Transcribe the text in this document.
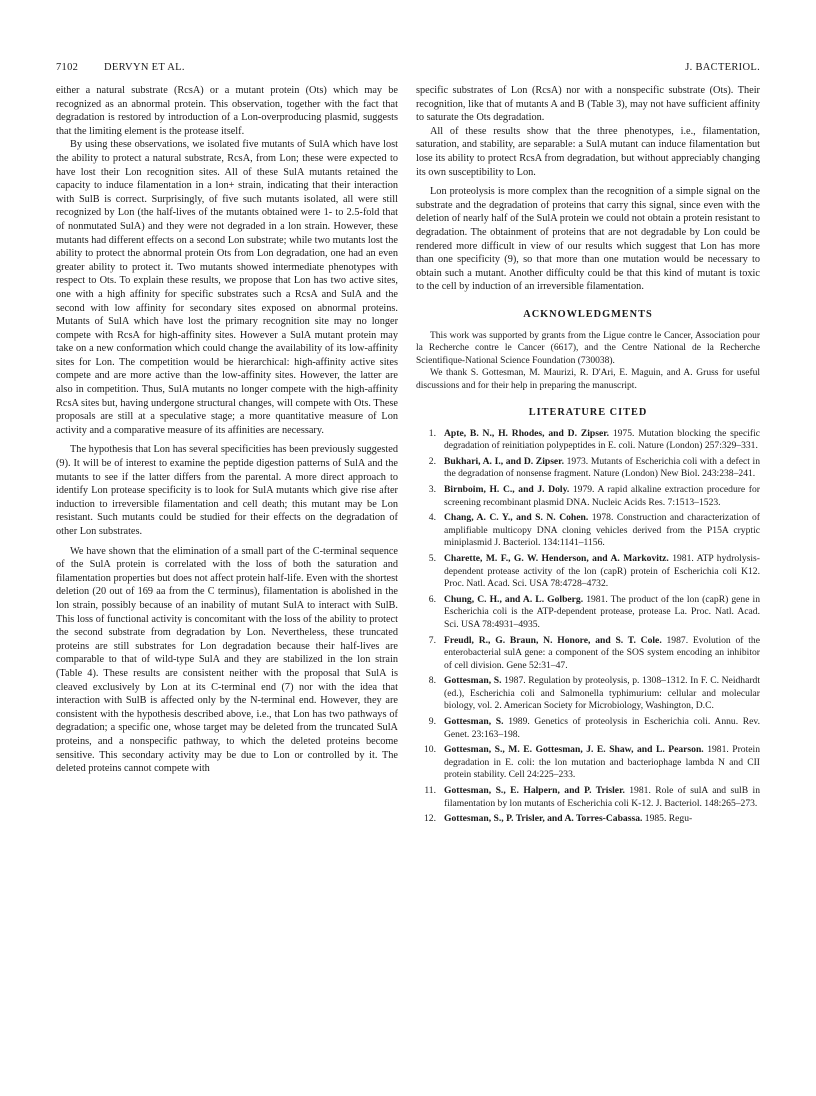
7102 DERVYN ET AL.	J. BACTERIOL.

either a natural substrate (RcsA) or a mutant protein (Ots) which may be recognized as an abnormal protein. This observation, together with the fact that degradation is restored by introduction of a Lon-overproducing plasmid, suggests that the limiting element is the protease itself.

By using these observations, we isolated five mutants of SulA which have lost the ability to protect a natural substrate, RcsA, from Lon; these were expected to have lost their Lon recognition sites. All of these SulA mutants retained the capacity to induce filamentation in a lon+ strain, indicating that their interaction with SulB is correct. Surprisingly, of five such mutants isolated, all were still recognized by Lon (the half-lives of the mutants obtained were 1- to 2.5-fold that of nonmutated SulA) and they were not degraded in a lon strain. However, these mutants had different effects on a second Lon substrate; while two mutants lost the ability to protect the abnormal protein Ots from Lon degradation, one had an even greater ability to protect it. Two mutants showed intermediate phenotypes with respect to Ots. To explain these results, we propose that Lon has two active sites, one with a high affinity for specific substrates such a RcsA and SulA and the second with low affinity for secondary sites exposed on abnormal proteins. Mutants of SulA which have lost the primary recognition site may no longer compete with RcsA for high-affinity sites. However a SulA mutant protein may take on a new conformation which could change the availability of its low-affinity sites for Lon. The competition would be hierarchical: high-affinity active sites compete and are more active than the low-affinity sites. However, the latter are also in competition. Thus, SulA mutants no longer compete with the high-affinity RcsA sites but, having undergone structural changes, will compete with Ots. These proposals are still at a speculative stage; a more quantitative measure of Lon activity and a comparative measure of its affinities are necessary.

The hypothesis that Lon has several specificities has been previously suggested (9). It will be of interest to examine the peptide digestion patterns of SulA and the mutants to see if the latter differs from the parental. A more direct approach to identify Lon protease specificity is to look for SulA mutants which give rise after induction to irreversible filamentation and cell death; this mutant may be Lon resistant. Such mutants could be studied for their effects on the degradation of other Lon substrates.

We have shown that the elimination of a small part of the C-terminal sequence of the SulA protein is correlated with the loss of both the saturation and filamentation properties but does not affect protein half-life. Even with the shortest deletion (20 out of 169 aa from the C terminus), filamentation is abolished in the lon strain, possibly because of an inability of mutant SulA to interact with SulB. This loss of functional activity is concomitant with the loss of the ability to protect the second substrate from degradation by Lon. Nevertheless, these truncated proteins are still substrates for Lon degradation because their half-lives are comparable to that of wild-type SulA and they are stabilized in the lon strain (Table 4). These results are consistent neither with the proposal that SulA is cleaved exclusively by Lon at its C-terminal end (7) nor with the idea that interaction with SulB is affected only by the N-terminal end. However, they are consistent with the hypothesis described above, i.e., that Lon has two pathways of degradation; a specific one, whose target may be deleted from the truncated SulA proteins, and a nonspecific pathway, to which the deleted proteins become sensitive. This secondary activity may be due to Lon or controlled by it. The deleted proteins cannot compete with

specific substrates of Lon (RcsA) nor with a nonspecific substrate (Ots). Their recognition, like that of mutants A and B (Table 3), may not have sufficient affinity to saturate the Ots degradation.

All of these results show that the three phenotypes, i.e., filamentation, saturation, and stability, are separable: a SulA mutant can induce filamentation but lose its ability to protect RcsA from degradation, but without appreciably changing its own susceptibility to Lon.

Lon proteolysis is more complex than the recognition of a simple signal on the substrate and the degradation of proteins that carry this signal, since even with the deletion of nearly half of the SulA protein we could not obtain a protein resistant to degradation. The obtainment of proteins that are not degradable by Lon could be rendered more difficult in view of our results which suggest that Lon has more than one specificity (9), so that more than one mutation would be necessary to obtain such a mutant. Another difficulty could be that this kind of mutant is toxic to the cell by induction of an irreversible filamentation.

ACKNOWLEDGMENTS

This work was supported by grants from the Ligue contre le Cancer, Association pour la Recherche contre le Cancer (6617), and the Centre National de la Recherche Scientifique-National Science Foundation (730038).

We thank S. Gottesman, M. Maurizi, R. D'Ari, E. Maguin, and A. Gruss for useful discussions and for their help in preparing the manuscript.

LITERATURE CITED
1. Apte, B. N., H. Rhodes, and D. Zipser. 1975. Mutation blocking the specific degradation of reinitiation polypeptides in E. coli. Nature (London) 257:329–331.
2. Bukhari, A. I., and D. Zipser. 1973. Mutants of Escherichia coli with a defect in the degradation of nonsense fragment. Nature (London) New Biol. 243:238–241.
3. Birnboim, H. C., and J. Doly. 1979. A rapid alkaline extraction procedure for screening recombinant plasmid DNA. Nucleic Acids Res. 7:1513–1523.
4. Chang, A. C. Y., and S. N. Cohen. 1978. Construction and characterization of amplifiable multicopy DNA cloning vehicles derived from the P15A cryptic miniplasmid J. Bacteriol. 134:1141–1156.
5. Charette, M. F., G. W. Henderson, and A. Markovitz. 1981. ATP hydrolysis-dependent protease activity of the lon (capR) protein of Escherichia coli K12. Proc. Natl. Acad. Sci. USA 78:4728–4732.
6. Chung, C. H., and A. L. Golberg. 1981. The product of the lon (capR) gene in Escherichia coli is the ATP-dependent protease, protease La. Proc. Natl. Acad. Sci. USA 78:4931–4935.
7. Freudl, R., G. Braun, N. Honore, and S. T. Cole. 1987. Evolution of the enterobacterial sulA gene: a component of the SOS system encoding an inhibitor of cell division. Gene 52:31–47.
8. Gottesman, S. 1987. Regulation by proteolysis, p. 1308–1312. In F. C. Neidhardt (ed.), Escherichia coli and Salmonella typhimurium: cellular and molecular biology, vol. 2. American Society for Microbiology, Washington, D.C.
9. Gottesman, S. 1989. Genetics of proteolysis in Escherichia coli. Annu. Rev. Genet. 23:163–198.
10. Gottesman, S., M. E. Gottesman, J. E. Shaw, and L. Pearson. 1981. Protein degradation in E. coli: the lon mutation and bacteriophage lambda N and CII protein stability. Cell 24:225–233.
11. Gottesman, S., E. Halpern, and P. Trisler. 1981. Role of sulA and sulB in filamentation by lon mutants of Escherichia coli K-12. J. Bacteriol. 148:265–273.
12. Gottesman, S., P. Trisler, and A. Torres-Cabassa. 1985. Regu-
